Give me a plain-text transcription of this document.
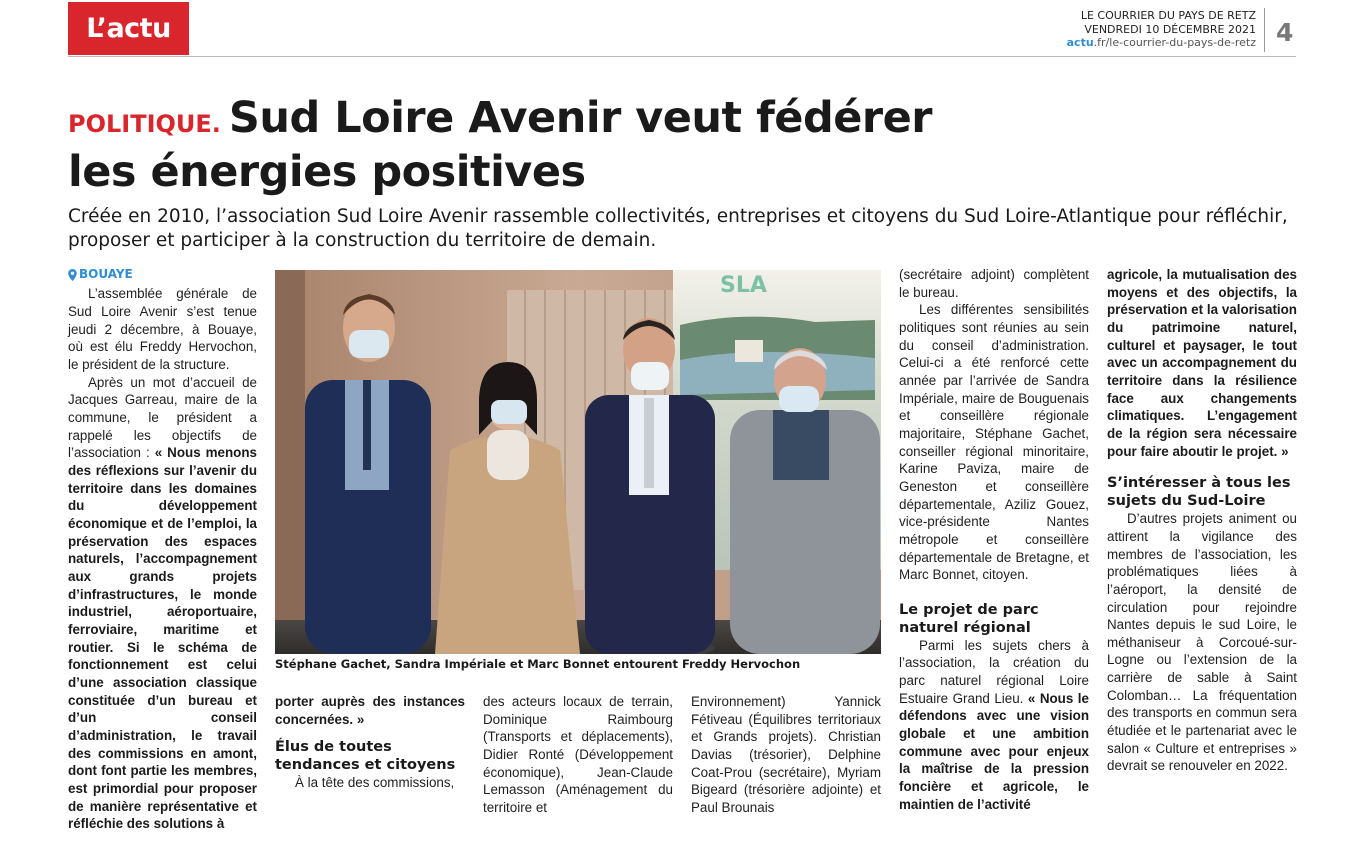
L’actu	LE COURRIER DU PAYS DE RETZ
VENDREDI 10 DÉCEMBRE 2021
actu.fr/le-courrier-du-pays-de-retz 4
POLITIQUE. Sud Loire Avenir veut fédérer
les énergies positives
Créée en 2010, l’association Sud Loire Avenir rassemble collectivités, entreprises et citoyens du Sud Loire-Atlantique pour réfléchir, proposer et participer à la construction du territoire de demain.

BOUAYE

L’assemblée générale de Sud Loire Avenir s’est tenue jeudi 2 décembre, à Bouaye, où est élu Freddy Hervochon, le président de la structure.

Après un mot d’accueil de Jacques Garreau, maire de la commune, le président a rappelé les objectifs de l’association : « Nous menons des réflexions sur l’avenir du territoire dans les domaines du développement économique et de l’emploi, la préservation des espaces naturels, l’accompagnement aux grands projets d’infrastructures, le monde industriel, aéroportuaire, ferroviaire, maritime et routier. Si le schéma de fonctionnement est celui d’une association classique constituée d’un bureau et d’un conseil d’administration, le travail des commissions en amont, dont font partie les membres, est primordial pour proposer de manière représentative et réfléchie des solutions à

SLA
Stéphane Gachet, Sandra Impériale et Marc Bonnet entourent Freddy Hervochon

porter auprès des instances concernées. »

Élus de toutes tendances et citoyens

À la tête des commissions,

des acteurs locaux de terrain, Dominique Raimbourg (Transports et déplacements), Didier Ronté (Développement économique), Jean-Claude Lemasson (Aménagement du territoire et

Environnement) Yannick Fétiveau (Équilibres territoriaux et Grands projets). Christian Davias (trésorier), Delphine Coat-Prou (secrétaire), Myriam Bigeard (trésorière adjointe) et Paul Brounais

(secrétaire adjoint) complètent le bureau.

Les différentes sensibilités politiques sont réunies au sein du conseil d’administration. Celui-ci a été renforcé cette année par l’arrivée de Sandra Impériale, maire de Bouguenais et conseillère régionale majoritaire, Stéphane Gachet, conseiller régional minoritaire, Karine Paviza, maire de Geneston et conseillère départementale, Aziliz Gouez, vice-présidente Nantes métropole et conseillère départementale de Bretagne, et Marc Bonnet, citoyen.

Le projet de parc naturel régional

Parmi les sujets chers à l’association, la création du parc naturel régional Loire Estuaire Grand Lieu. « Nous le défendons avec une vision globale et une ambition commune avec pour enjeux la maîtrise de la pression foncière et agricole, le maintien de l’activité

agricole, la mutualisation des moyens et des objectifs, la préservation et la valorisation du patrimoine naturel, culturel et paysager, le tout avec un accompagnement du territoire dans la résilience face aux changements climatiques. L’engagement de la région sera nécessaire pour faire aboutir le projet. »

S’intéresser à tous les sujets du Sud-Loire

D’autres projets animent ou attirent la vigilance des membres de l’association, les problématiques liées à l’aéroport, la densité de circulation pour rejoindre Nantes depuis le sud Loire, le méthaniseur à Corcoué-sur-Logne ou l’extension de la carrière de sable à Saint Colomban… La fréquentation des transports en commun sera étudiée et le partenariat avec le salon « Culture et entreprises » devrait se renouveler en 2022.
